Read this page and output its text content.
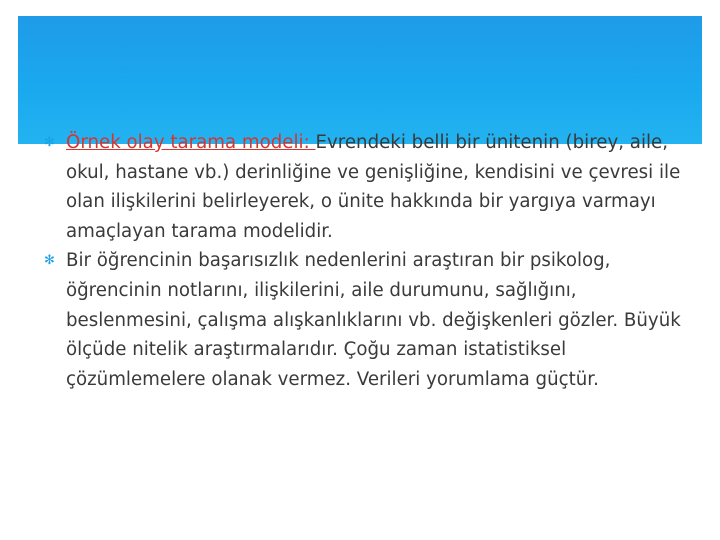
✻ Örnek olay tarama modeli: Evrendeki belli bir ünitenin (birey, aile, okul, hastane vb.) derinliğine ve genişliğine, kendisini ve çevresi ile olan ilişkilerini belirleyerek, o ünite hakkında bir yargıya varmayı amaçlayan tarama modelidir.
✻ Bir öğrencinin başarısızlık nedenlerini araştıran bir psikolog, öğrencinin notlarını, ilişkilerini, aile durumunu, sağlığını, beslenmesini, çalışma alışkanlıklarını vb. değişkenleri gözler. Büyük ölçüde nitelik araştırmalarıdır. Çoğu zaman istatistiksel çözümlemelere olanak vermez. Verileri yorumlama güçtür.
